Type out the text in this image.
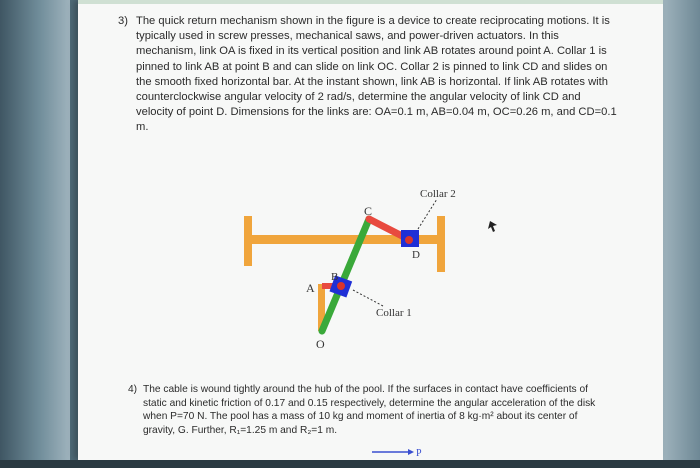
3) The quick return mechanism shown in the figure is a device to create reciprocating motions. It is typically used in screw presses, mechanical saws, and power-driven actuators. In this mechanism, link OA is fixed in its vertical position and link AB rotates around point A. Collar 1 is pinned to link AB at point B and can slide on link OC. Collar 2 is pinned to link CD and slides on the smooth fixed horizontal bar. At the instant shown, link AB is horizontal. If link AB rotates with counterclockwise angular velocity of 2 rad/s, determine the angular velocity of link CD and velocity of point D. Dimensions for the links are: OA=0.1 m, AB=0.04 m, OC=0.26 m, and CD=0.1 m.
Collar 2
Collar 1
C
D
B
A
O
P
4) The cable is wound tightly around the hub of the pool. If the surfaces in contact have coefficients of static and kinetic friction of 0.17 and 0.15 respectively, determine the angular acceleration of the disk when P=70 N. The pool has a mass of 10 kg and moment of inertia of 8 kg·m² about its center of gravity, G. Further, R₁=1.25 m and R₂=1 m.
